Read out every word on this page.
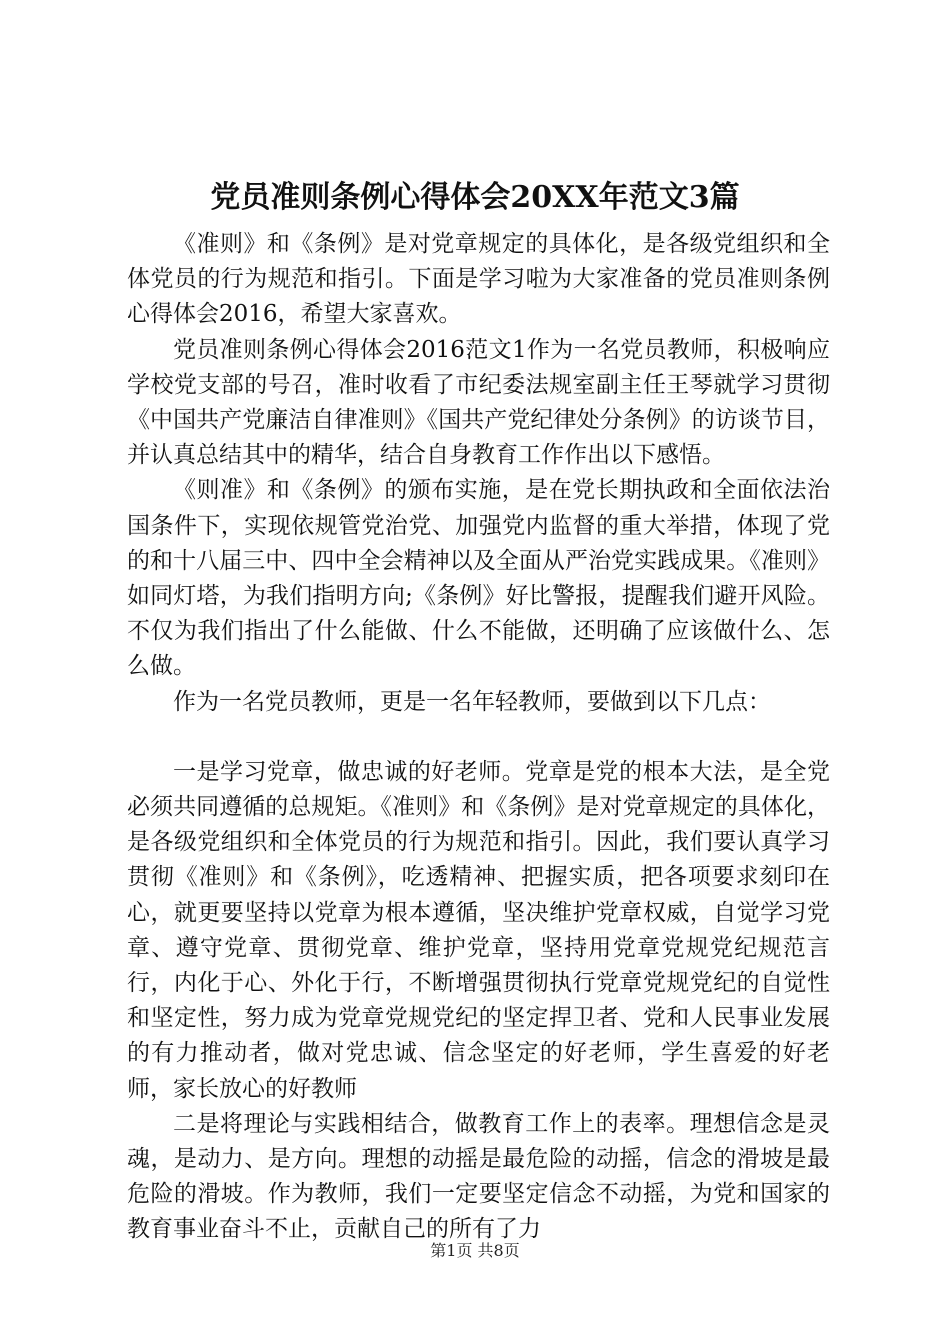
党员准则条例心得体会20XX年范文3篇

《准则》和《条例》是对党章规定的具体化，是各级党组织和全体党员的行为规范和指引。下面是学习啦为大家准备的党员准则条例心得体会2016，希望大家喜欢。

党员准则条例心得体会2016范文1作为一名党员教师，积极响应学校党支部的号召，准时收看了市纪委法规室副主任王琴就学习贯彻《中国共产党廉洁自律准则》《国共产党纪律处分条例》的访谈节目，并认真总结其中的精华，结合自身教育工作作出以下感悟。

《则准》和《条例》的颁布实施，是在党长期执政和全面依法治国条件下，实现依规管党治党、加强党内监督的重大举措，体现了党的和十八届三中、四中全会精神以及全面从严治党实践成果。《准则》如同灯塔，为我们指明方向;《条例》好比警报，提醒我们避开风险。不仅为我们指出了什么能做、什么不能做，还明确了应该做什么、怎么做。

作为一名党员教师，更是一名年轻教师，要做到以下几点：

一是学习党章，做忠诚的好老师。党章是党的根本大法，是全党必须共同遵循的总规矩。《准则》和《条例》是对党章规定的具体化，是各级党组织和全体党员的行为规范和指引。因此，我们要认真学习贯彻《准则》和《条例》，吃透精神、把握实质，把各项要求刻印在心，就更要坚持以党章为根本遵循，坚决维护党章权威，自觉学习党章、遵守党章、贯彻党章、维护党章，坚持用党章党规党纪规范言行，内化于心、外化于行，不断增强贯彻执行党章党规党纪的自觉性和坚定性，努力成为党章党规党纪的坚定捍卫者、党和人民事业发展的有力推动者，做对党忠诚、信念坚定的好老师，学生喜爱的好老师，家长放心的好教师

二是将理论与实践相结合，做教育工作上的表率。理想信念是灵魂，是动力、是方向。理想的动摇是最危险的动摇，信念的滑坡是最危险的滑坡。作为教师，我们一定要坚定信念不动摇，为党和国家的教育事业奋斗不止，贡献自己的所有了力

第1页 共8页
